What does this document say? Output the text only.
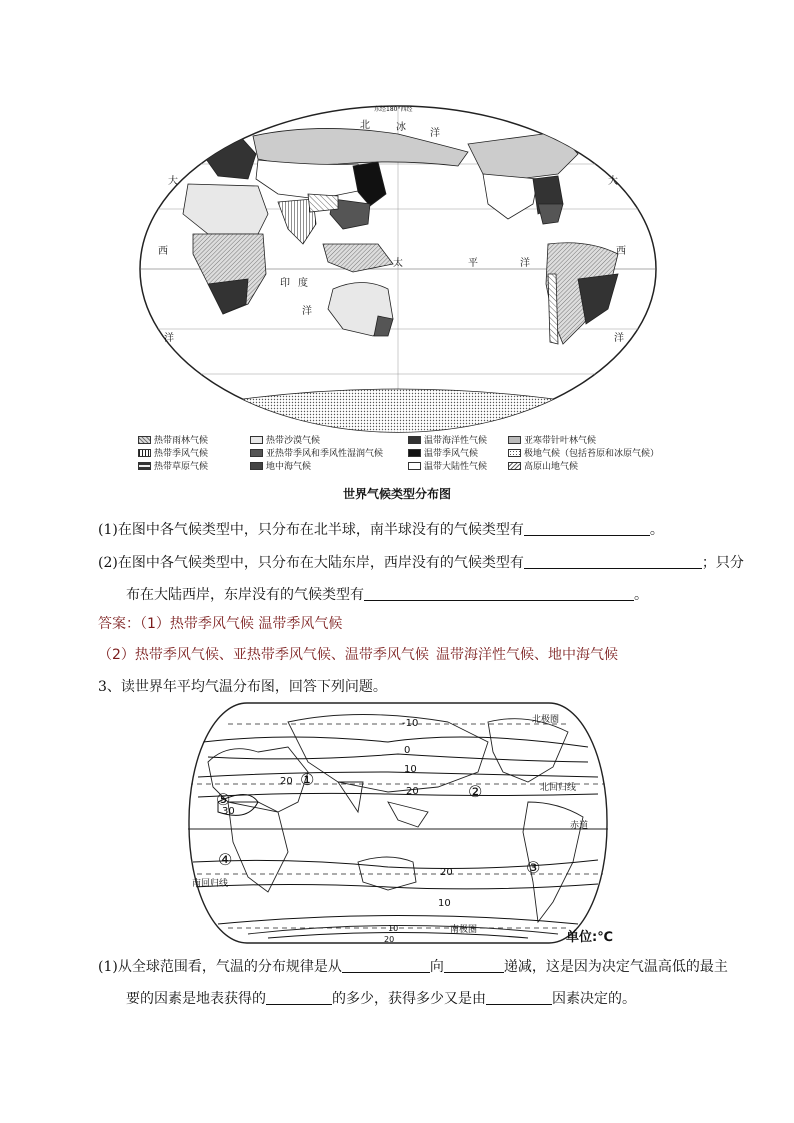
北	冰
洋
大
西
洋
印 度
洋
太	平	洋
大
西
洋
东经180°西经
热带雨林气候
热带季风气候
热带草原气候
热带沙漠气候
亚热带季风和季风性湿润气候
地中海气候
温带海洋性气候
温带季风气候
温带大陆性气候
亚寒带针叶林气候
极地气候（包括苔原和冰原气候）
高原山地气候
世界气候类型分布图
(1)在图中各气候类型中，只分布在北半球，南半球没有的气候类型有	。
(2)在图中各气候类型中，只分布在大陆东岸，西岸没有的气候类型有	；只分
布在大陆西岸，东岸没有的气候类型有	。
答案：（1）热带季风气候 温带季风气候
（2）热带季风气候、亚热带季风气候、温带季风气候 温带海洋性气候、地中海气候
3、读世界年平均气温分布图，回答下列问题。
-10
0
10
20
20
20
10
30
20
10
①
②
③
④
⑤
北极圈
北回归线
赤道
南回归线
南极圈	单位:℃
(1)从全球范围看，气温的分布规律是从	向	递减，这是因为决定气温高低的最主
要的因素是地表获得的	的多少，获得多少又是由	因素决定的。
